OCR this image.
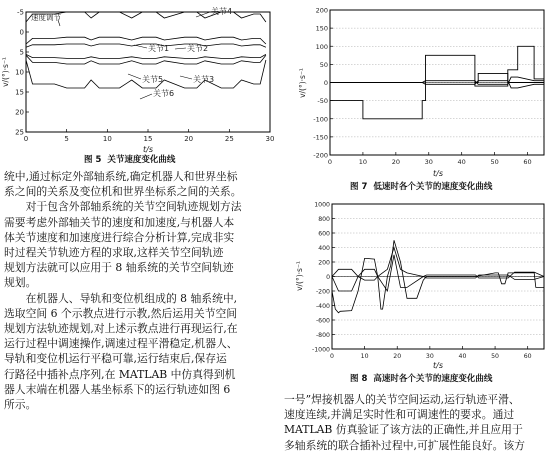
-5
0
5
10
15
20
25
0	5	10	15	20	25	30
v/(°)·s⁻¹
t/s
速度调节
关节4
关节1 关节2
关节5	关节3
关节6
图 5 关节速度变化曲线	-200
-150
-100
-50
0
50
100
150
200
0	10	20	30	40	50	60
v/(°)·s⁻¹
t/s
图 7 低速时各个关节的速度变化曲线
-1000
-800
-600
-400
-200
0
200
400
600
800
1000
0	10	20	30	40	50	60
v/(°)·s⁻¹
t/s
图 8 高速时各个关节的速度变化曲线

统中,通过标定外部轴系统,确定机器人和世界坐标

系之间的关系及变位机和世界坐标系之间的关系。

对于包含外部轴系统的关节空间轨迹规划方法

需要考虑外部轴关节的速度和加速度,与机器人本

体关节速度和加速度进行综合分析计算,完成非实

时过程关节轨迹方程的求取,这样关节空间轨迹

规划方法就可以应用于 8 轴系统的关节空间轨迹

规划。

在机器人、导轨和变位机组成的 8 轴系统中,

选取空间 6 个示教点进行示教,然后运用关节空间

规划方法轨迹规划,对上述示教点进行再现运行,在

运行过程中调速操作,调速过程平滑稳定,机器人、

导轨和变位机运行平稳可靠,运行结束后,保存运

行路径中插补点序列,在 MATLAB 中仿真得到机

器人末端在机器人基坐标系下的运行轨迹如图 6

所示。	一号”焊接机器人的关节空间运动,运行轨迹平滑、

速度连续,并满足实时性和可调速性的要求。通过

MATLAB 仿真验证了该方法的正确性,并且应用于

多轴系统的联合插补过程中,可扩展性能良好。该方
